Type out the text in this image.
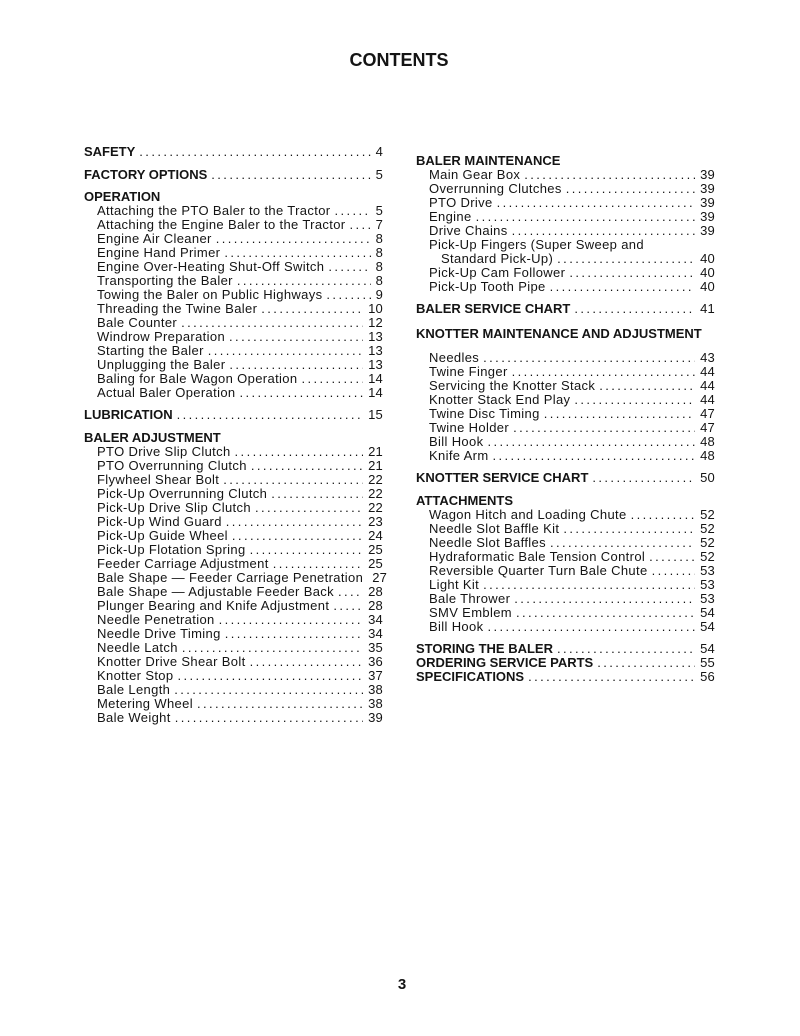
CONTENTS
SAFETY .....	4
FACTORY OPTIONS .....	5
OPERATION
Attaching the PTO Baler to the Tractor .....	5
Attaching the Engine Baler to the Tractor .....	7
Engine Air Cleaner .....	8
Engine Hand Primer .....	8
Engine Over-Heating Shut-Off Switch .....	8
Transporting the Baler .....	8
Towing the Baler on Public Highways .....	9
Threading the Twine Baler .....	10
Bale Counter .....	12
Windrow Preparation .....	13
Starting the Baler .....	13
Unplugging the Baler .....	13
Baling for Bale Wagon Operation .....	14
Actual Baler Operation .....	14
LUBRICATION .....	15
BALER ADJUSTMENT
PTO Drive Slip Clutch .....	21
PTO Overrunning Clutch .....	21
Flywheel Shear Bolt .....	22
Pick-Up Overrunning Clutch .....	22
Pick-Up Drive Slip Clutch .....	22
Pick-Up Wind Guard .....	23
Pick-Up Guide Wheel .....	24
Pick-Up Flotation Spring .....	25
Feeder Carriage Adjustment .....	25
Bale Shape — Feeder Carriage Penetration 27
Bale Shape — Adjustable Feeder Back .....	28
Plunger Bearing and Knife Adjustment .....	28
Needle Penetration .....	34
Needle Drive Timing .....	34
Needle Latch .....	35
Knotter Drive Shear Bolt .....	36
Knotter Stop .....	37
Bale Length .....	38
Metering Wheel .....	38
Bale Weight .....	39
BALER MAINTENANCE
Main Gear Box .....	39
Overrunning Clutches .....	39
PTO Drive .....	39
Engine .....	39
Drive Chains .....	39
Pick-Up Fingers (Super Sweep and
Standard Pick-Up) .....	40
Pick-Up Cam Follower .....	40
Pick-Up Tooth Pipe .....	40
BALER SERVICE CHART .....	41
KNOTTER MAINTENANCE AND ADJUSTMENT
Needles .....	43
Twine Finger .....	44
Servicing the Knotter Stack .....	44
Knotter Stack End Play .....	44
Twine Disc Timing .....	47
Twine Holder .....	47
Bill Hook .....	48
Knife Arm .....	48
KNOTTER SERVICE CHART .....	50
ATTACHMENTS
Wagon Hitch and Loading Chute .....	52
Needle Slot Baffle Kit .....	52
Needle Slot Baffles .....	52
Hydraformatic Bale Tension Control .....	52
Reversible Quarter Turn Bale Chute .....	53
Light Kit .....	53
Bale Thrower .....	53
SMV Emblem .....	54
Bill Hook .....	54
STORING THE BALER .....	54
ORDERING SERVICE PARTS .....	55
SPECIFICATIONS .....	56
3
